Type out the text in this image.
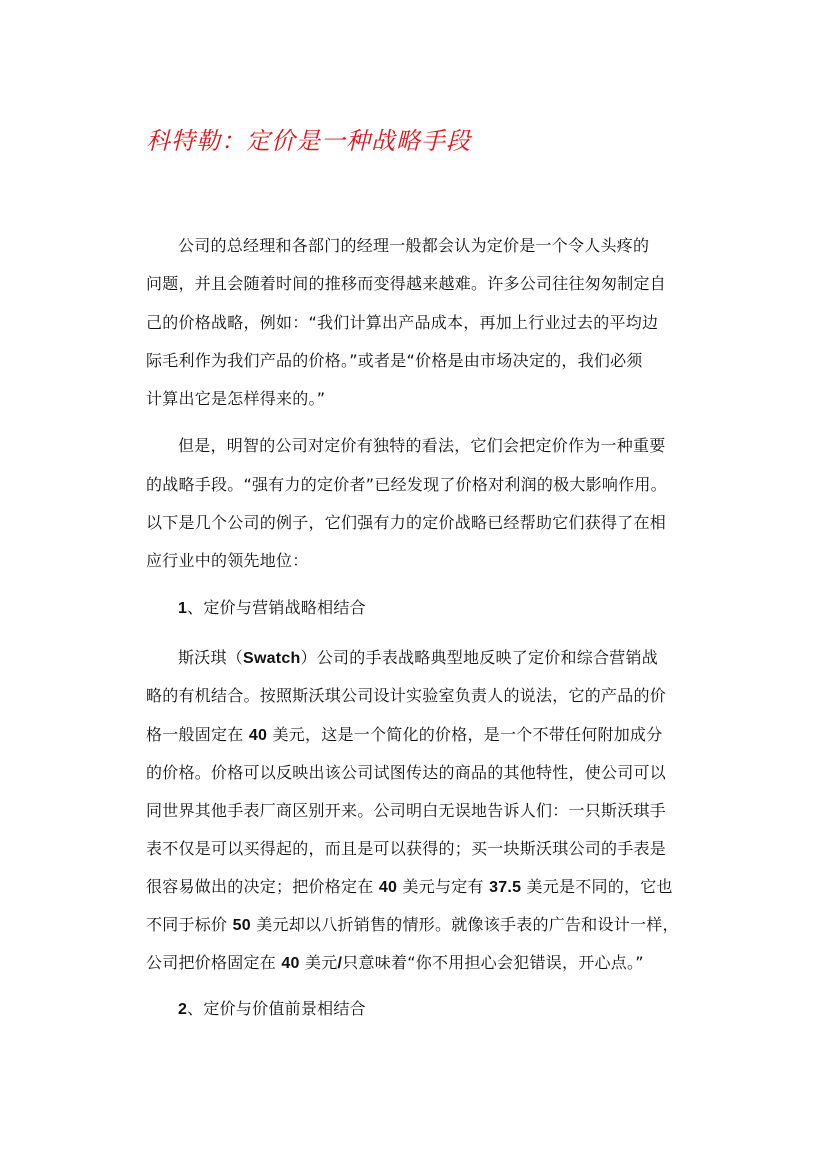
科特勒：定价是一种战略手段
公司的总经理和各部门的经理一般都会认为定价是一个令人头疼的
问题，并且会随着时间的推移而变得越来越难。许多公司往往匆匆制定自
己的价格战略，例如：“我们计算出产品成本，再加上行业过去的平均边
际毛利作为我们产品的价格。”或者是“价格是由市场决定的，我们必须
计算出它是怎样得来的。”
但是，明智的公司对定价有独特的看法，它们会把定价作为一种重要
的战略手段。“强有力的定价者”已经发现了价格对利润的极大影响作用。
以下是几个公司的例子，它们强有力的定价战略已经帮助它们获得了在相
应行业中的领先地位：
1、定价与营销战略相结合
斯沃琪（Swatch）公司的手表战略典型地反映了定价和综合营销战
略的有机结合。按照斯沃琪公司设计实验室负责人的说法，它的产品的价
格一般固定在 40 美元，这是一个简化的价格，是一个不带任何附加成分
的价格。价格可以反映出该公司试图传达的商品的其他特性，使公司可以
同世界其他手表厂商区别开来。公司明白无误地告诉人们：一只斯沃琪手
表不仅是可以买得起的，而且是可以获得的；买一块斯沃琪公司的手表是
很容易做出的决定；把价格定在 40 美元与定有 37.5 美元是不同的，它也
不同于标价 50 美元却以八折销售的情形。就像该手表的广告和设计一样，
公司把价格固定在 40 美元/只意味着“你不用担心会犯错误，开心点。”
2、定价与价值前景相结合
